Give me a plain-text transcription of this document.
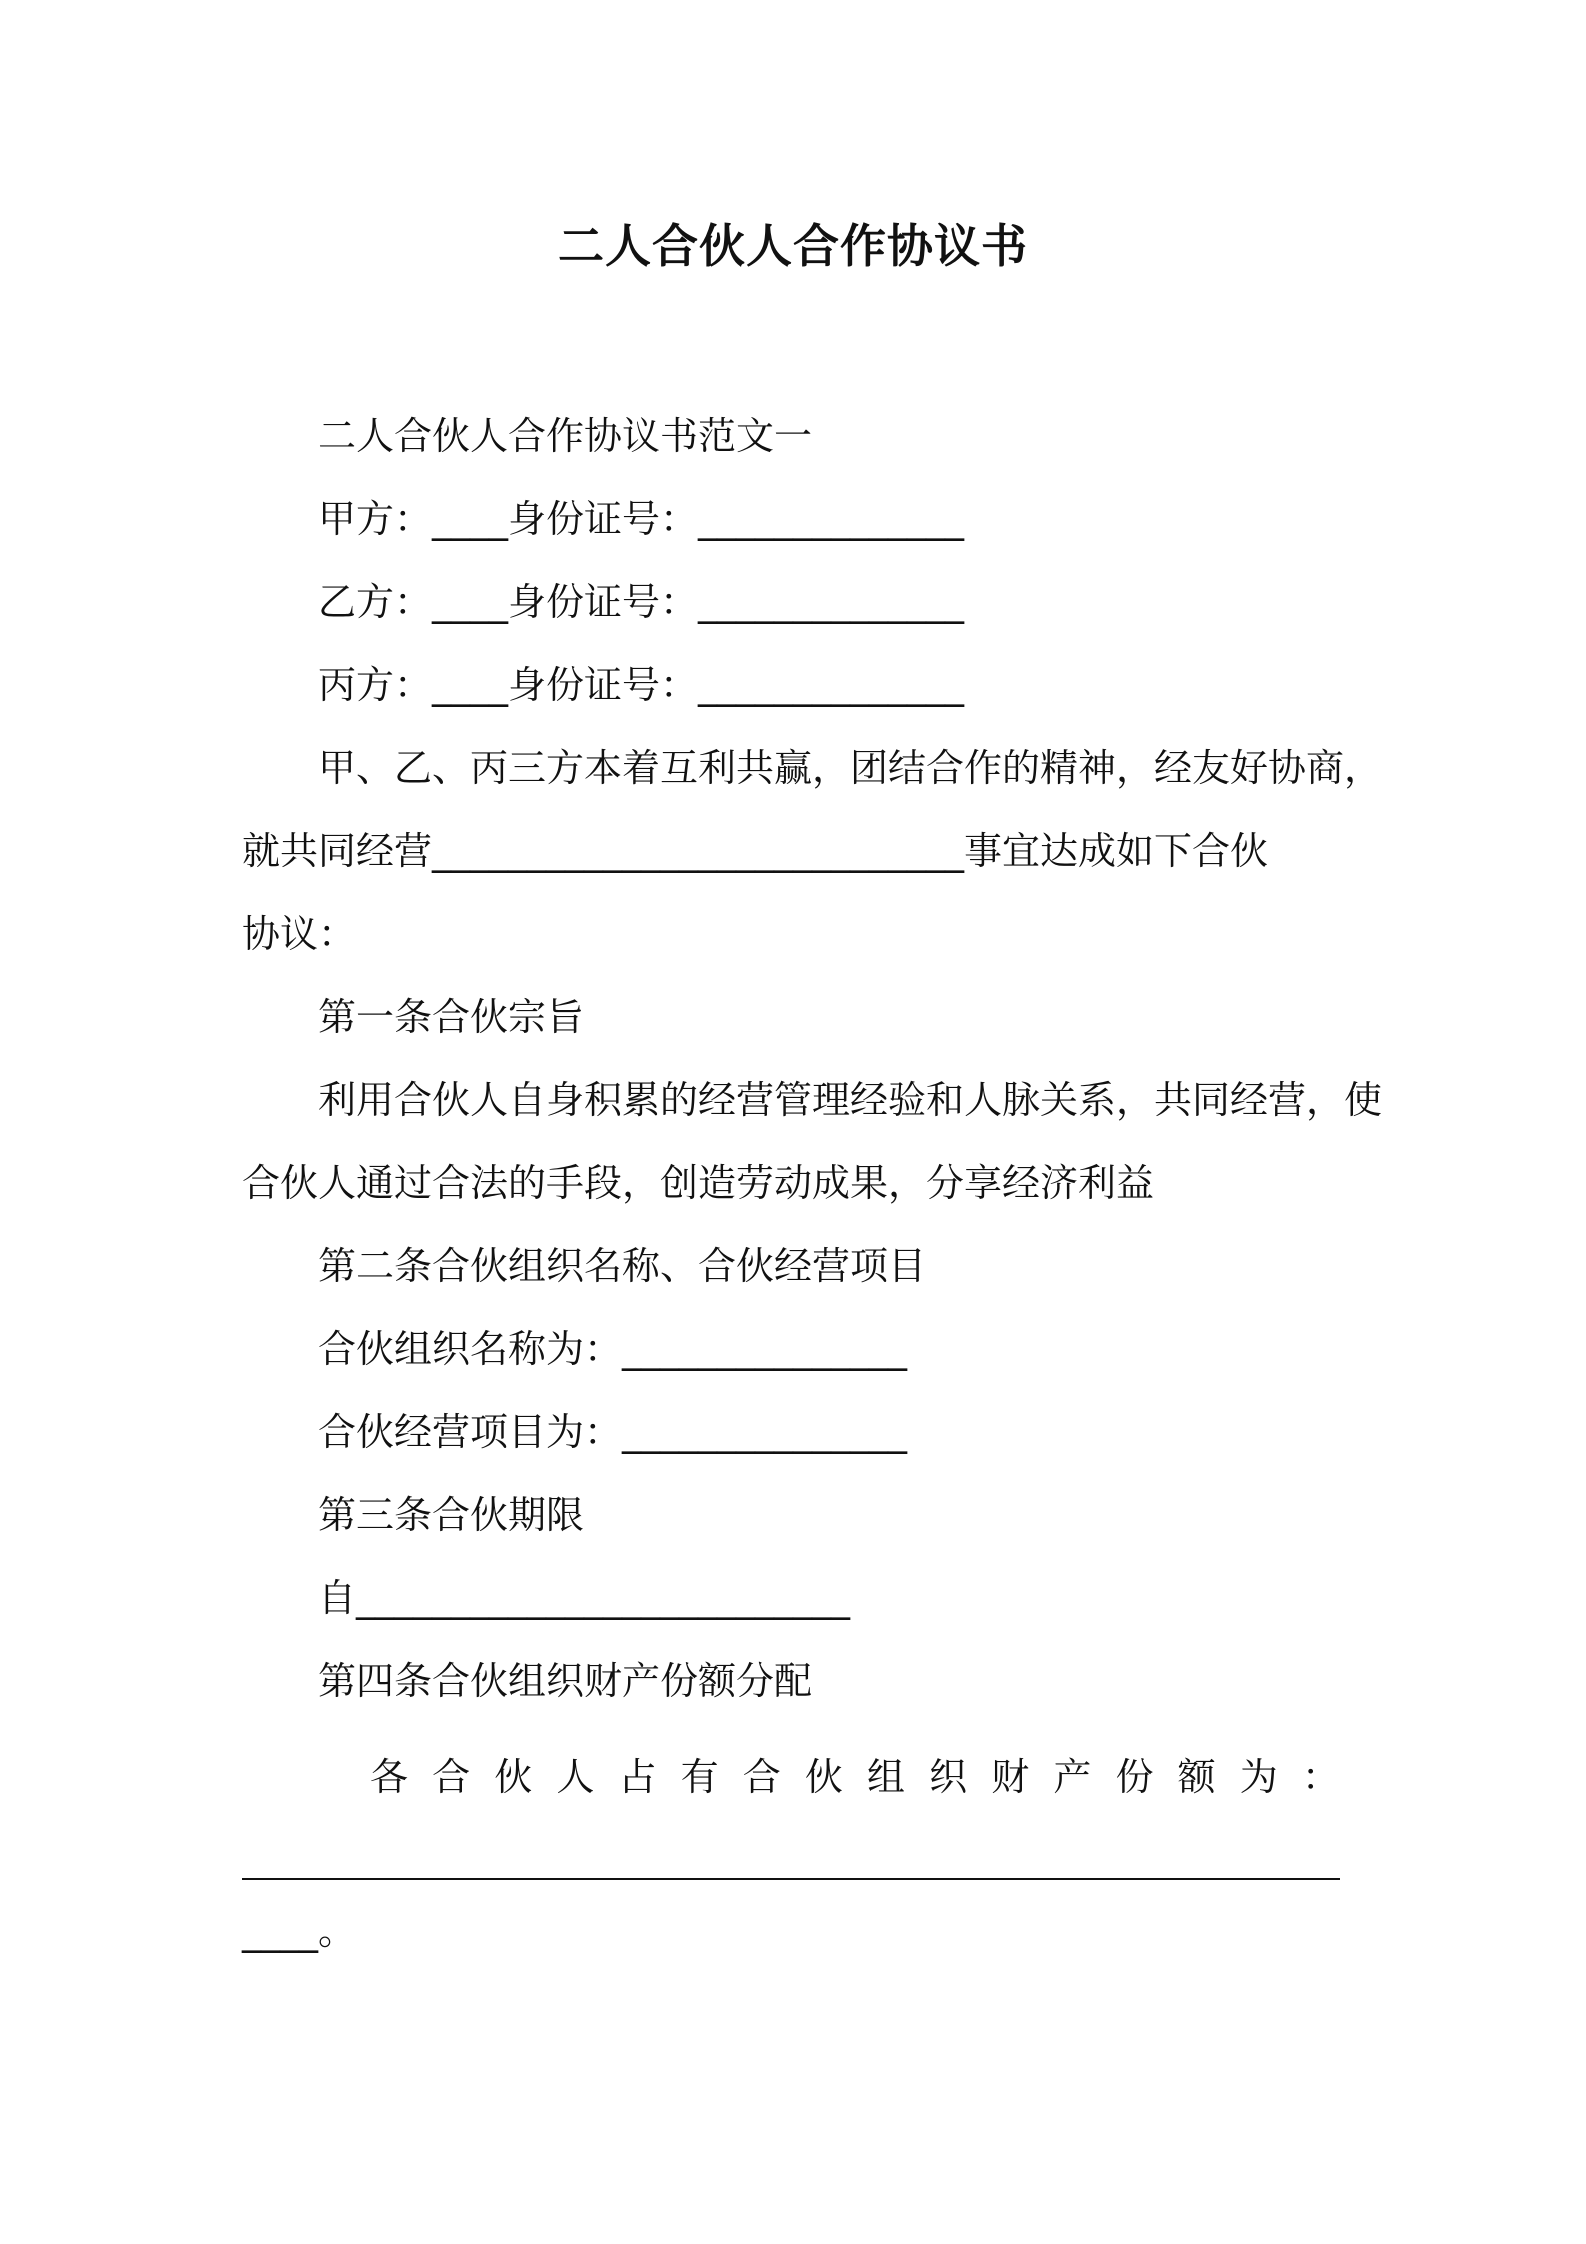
二人合伙人合作协议书
二人合伙人合作协议书范文一
甲方：____身份证号：______________
乙方：____身份证号：______________
丙方：____身份证号：______________
甲、乙、丙三方本着互利共赢，团结合作的精神，经友好协商，
就共同经营____________________________事宜达成如下合伙
协议：
第一条合伙宗旨
利用合伙人自身积累的经营管理经验和人脉关系，共同经营，使
合伙人通过合法的手段，创造劳动成果，分享经济利益
第二条合伙组织名称、合伙经营项目
合伙组织名称为：_______________
合伙经营项目为：_______________
第三条合伙期限
自__________________________
第四条合伙组织财产份额分配
各 合 伙 人 占 有 合 伙 组 织 财 产 份 额 为 ：
____。
